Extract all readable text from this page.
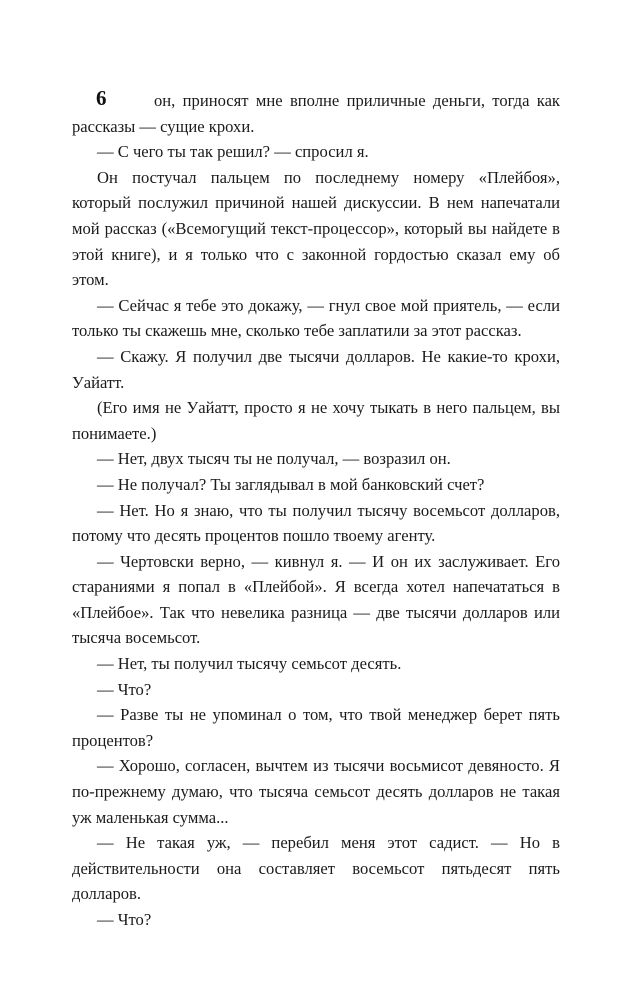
6	он, приносят мне вполне приличные деньги, тогда как рассказы — сущие крохи.

— С чего ты так решил? — спросил я.

Он постучал пальцем по последнему номеру «Плейбоя», который послужил причиной нашей дискуссии. В нем напечатали мой рассказ («Всемогущий текст-процессор», который вы найдете в этой книге), и я только что с законной гордостью сказал ему об этом.

— Сейчас я тебе это докажу, — гнул свое мой приятель, — если только ты скажешь мне, сколько тебе заплатили за этот рассказ.

— Скажу. Я получил две тысячи долларов. Не какие-то крохи, Уайатт.

(Его имя не Уайатт, просто я не хочу тыкать в него пальцем, вы понимаете.)

— Нет, двух тысяч ты не получал, — возразил он.

— Не получал? Ты заглядывал в мой банковский счет?

— Нет. Но я знаю, что ты получил тысячу восемьсот долларов, потому что десять процентов пошло твоему агенту.

— Чертовски верно, — кивнул я. — И он их заслуживает. Его стараниями я попал в «Плейбой». Я всегда хотел напечататься в «Плейбое». Так что невелика разница — две тысячи долларов или тысяча восемьсот.

— Нет, ты получил тысячу семьсот десять.

— Что?

— Разве ты не упоминал о том, что твой менеджер берет пять процентов?

— Хорошо, согласен, вычтем из тысячи восьмисот девяносто. Я по-прежнему думаю, что тысяча семьсот десять долларов не такая уж маленькая сумма...

— Не такая уж, — перебил меня этот садист. — Но в действительности она составляет восемьсот пятьдесят пять долларов.

— Что?
